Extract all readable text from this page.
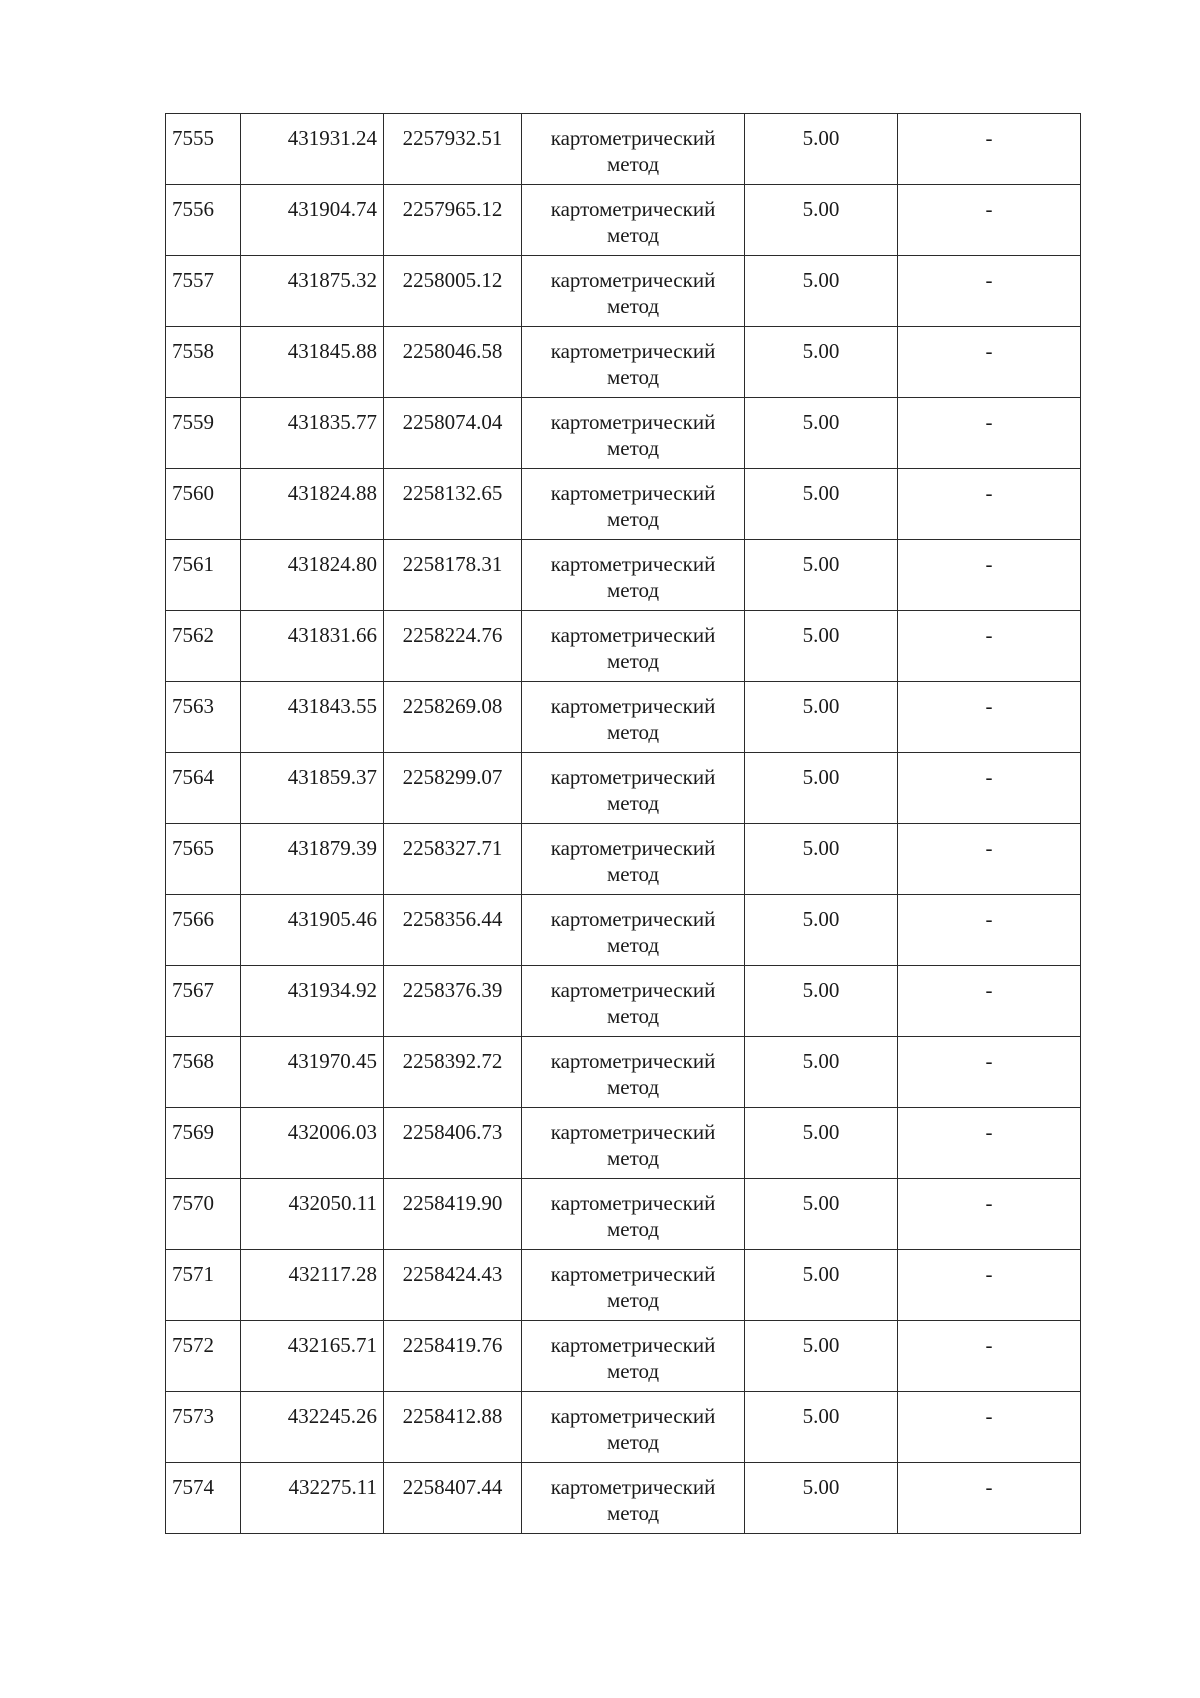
7555	431931.24	2257932.51	картометрический метод	5.00	-
7556	431904.74	2257965.12	картометрический метод	5.00	-
7557	431875.32	2258005.12	картометрический метод	5.00	-
7558	431845.88	2258046.58	картометрический метод	5.00	-
7559	431835.77	2258074.04	картометрический метод	5.00	-
7560	431824.88	2258132.65	картометрический метод	5.00	-
7561	431824.80	2258178.31	картометрический метод	5.00	-
7562	431831.66	2258224.76	картометрический метод	5.00	-
7563	431843.55	2258269.08	картометрический метод	5.00	-
7564	431859.37	2258299.07	картометрический метод	5.00	-
7565	431879.39	2258327.71	картометрический метод	5.00	-
7566	431905.46	2258356.44	картометрический метод	5.00	-
7567	431934.92	2258376.39	картометрический метод	5.00	-
7568	431970.45	2258392.72	картометрический метод	5.00	-
7569	432006.03	2258406.73	картометрический метод	5.00	-
7570	432050.11	2258419.90	картометрический метод	5.00	-
7571	432117.28	2258424.43	картометрический метод	5.00	-
7572	432165.71	2258419.76	картометрический метод	5.00	-
7573	432245.26	2258412.88	картометрический метод	5.00	-
7574	432275.11	2258407.44	картометрический метод	5.00	-
